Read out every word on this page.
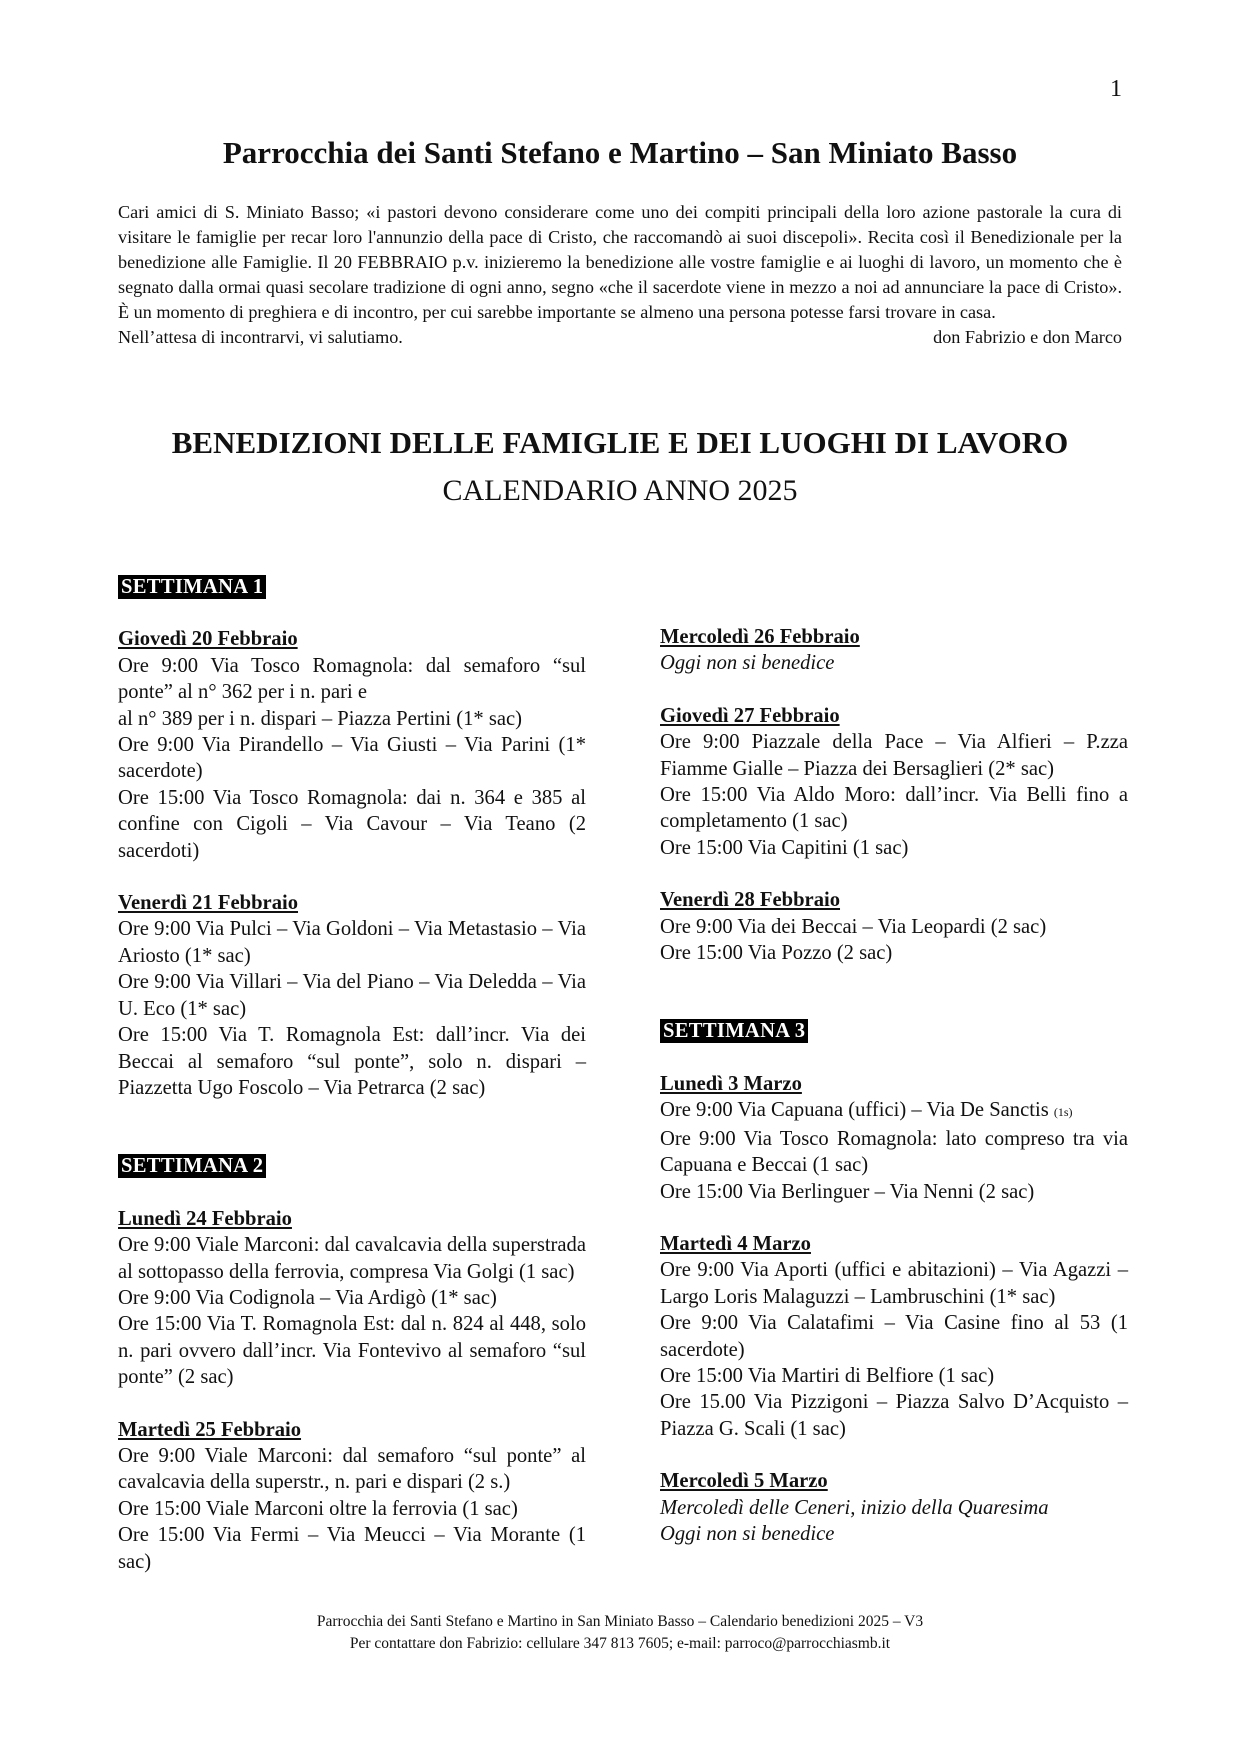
1
Parrocchia dei Santi Stefano e Martino – San Miniato Basso

Cari amici di S. Miniato Basso; «i pastori devono considerare come uno dei compiti principali della loro azione pastorale la cura di visitare le famiglie per recar loro l'annunzio della pace di Cristo, che raccomandò ai suoi discepoli». Recita così il Benedizionale per la benedizione alle Famiglie. Il 20 FEBBRAIO p.v. inizieremo la benedizione alle vostre famiglie e ai luoghi di lavoro, un momento che è segnato dalla ormai quasi secolare tradizione di ogni anno, segno «che il sacerdote viene in mezzo a noi ad annunciare la pace di Cristo». È un momento di preghiera e di incontro, per cui sarebbe importante se almeno una persona potesse farsi trovare in casa.

Nell’attesa di incontrarvi, vi salutiamo.	don Fabrizio e don Marco
BENEDIZIONI DELLE FAMIGLIE E DEI LUOGHI DI LAVORO
CALENDARIO ANNO 2025
SETTIMANA 1
Giovedì 20 Febbraio
Ore 9:00 Via Tosco Romagnola: dal semaforo “sul ponte” al n° 362 per i n. pari e
al n° 389 per i n. dispari – Piazza Pertini (1* sac)
Ore 9:00 Via Pirandello – Via Giusti – Via Parini (1* sacerdote)
Ore 15:00 Via Tosco Romagnola: dai n. 364 e 385 al confine con Cigoli – Via Cavour – Via Teano (2 sacerdoti)
Venerdì 21 Febbraio
Ore 9:00 Via Pulci – Via Goldoni – Via Metastasio – Via Ariosto (1* sac)
Ore 9:00 Via Villari – Via del Piano – Via Deledda – Via U. Eco (1* sac)
Ore 15:00 Via T. Romagnola Est: dall’incr. Via dei Beccai al semaforo “sul ponte”, solo n. dispari – Piazzetta Ugo Foscolo – Via Petrarca (2 sac)
SETTIMANA 2
Lunedì 24 Febbraio
Ore 9:00 Viale Marconi: dal cavalcavia della superstrada al sottopasso della ferrovia, compresa Via Golgi (1 sac)
Ore 9:00 Via Codignola – Via Ardigò (1* sac)
Ore 15:00 Via T. Romagnola Est: dal n. 824 al 448, solo n. pari ovvero dall’incr. Via Fontevivo al semaforo “sul ponte” (2 sac)
Martedì 25 Febbraio
Ore 9:00 Viale Marconi: dal semaforo “sul ponte” al cavalcavia della superstr., n. pari e dispari (2 s.)
Ore 15:00 Viale Marconi oltre la ferrovia (1 sac)
Ore 15:00 Via Fermi – Via Meucci – Via Morante (1 sac)
Mercoledì 26 Febbraio
Oggi non si benedice
Giovedì 27 Febbraio
Ore 9:00 Piazzale della Pace – Via Alfieri – P.zza Fiamme Gialle – Piazza dei Bersaglieri (2* sac)
Ore 15:00 Via Aldo Moro: dall’incr. Via Belli fino a completamento (1 sac)
Ore 15:00 Via Capitini (1 sac)
Venerdì 28 Febbraio
Ore 9:00 Via dei Beccai – Via Leopardi (2 sac)
Ore 15:00 Via Pozzo (2 sac)
SETTIMANA 3
Lunedì 3 Marzo
Ore 9:00 Via Capuana (uffici) – Via De Sanctis (1s)
Ore 9:00 Via Tosco Romagnola: lato compreso tra via Capuana e Beccai (1 sac)
Ore 15:00 Via Berlinguer – Via Nenni (2 sac)
Martedì 4 Marzo
Ore 9:00 Via Aporti (uffici e abitazioni) – Via Agazzi – Largo Loris Malaguzzi – Lambruschini (1* sac)
Ore 9:00 Via Calatafimi – Via Casine fino al 53 (1 sacerdote)
Ore 15:00 Via Martiri di Belfiore (1 sac)
Ore 15.00 Via Pizzigoni – Piazza Salvo D’Acquisto – Piazza G. Scali (1 sac)
Mercoledì 5 Marzo
Mercoledì delle Ceneri, inizio della Quaresima
Oggi non si benedice
Parrocchia dei Santi Stefano e Martino in San Miniato Basso – Calendario benedizioni 2025 – V3
Per contattare don Fabrizio: cellulare 347 813 7605; e-mail: parroco@parrocchiasmb.it
